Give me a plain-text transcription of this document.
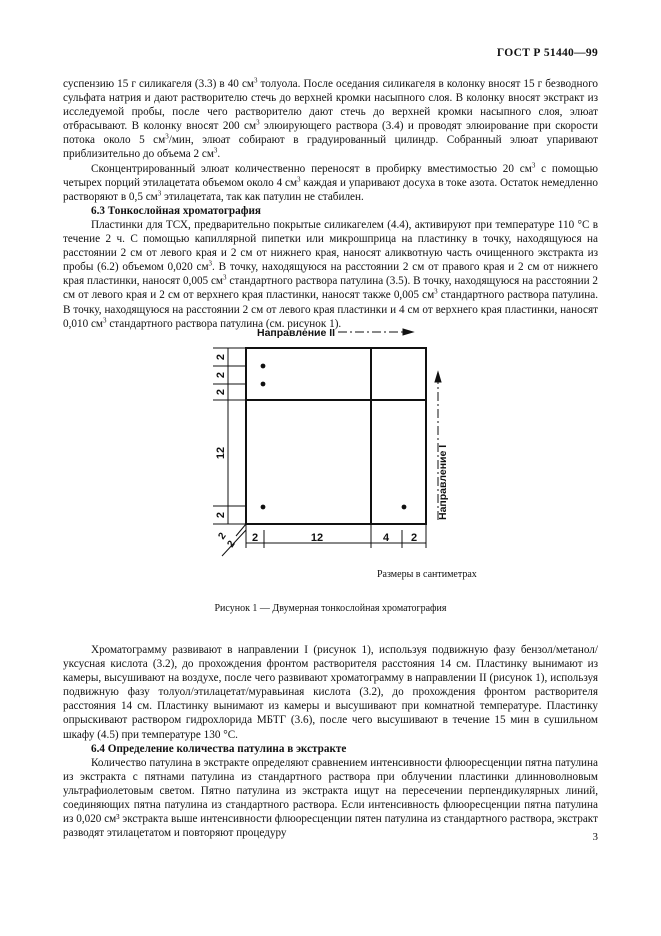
ГОСТ Р 51440—99

суспензию 15 г силикагеля (3.3) в 40 $см^3$ толуола. После оседания силикагеля в колонку вносят 15 г безводного сульфата натрия и дают растворителю стечь до верхней кромки насыпного слоя. В колонку вносят экстракт из исследуемой пробы, после чего растворителю дают стечь до верхней кромки насыпного слоя, элюат отбрасывают. В колонку вносят 200 $см^3$ элюирующего раствора (3.4) и проводят элюирование при скорости потока около 5 $см^3$/мин, элюат собирают в градуированный цилиндр. Собранный элюат упаривают приблизительно до объема 2 $см^3$.

Сконцентрированный элюат количественно переносят в пробирку вместимостью 20 $см^3$ с помощью четырех порций этилацетата объемом около 4 $см^3$ каждая и упаривают досуха в токе азота. Остаток немедленно растворяют в 0,5 $см^3$ этилацетата, так как патулин не стабилен.

6.3 Тонкослойная хроматография

Пластинки для ТСХ, предварительно покрытые силикагелем (4.4), активируют при температуре 110 °С в течение 2 ч. С помощью капиллярной пипетки или микрошприца на пластинку в точку, находящуюся на расстоянии 2 см от левого края и 2 см от нижнего края, наносят аликвотную часть очищенного экстракта из пробы (6.2) объемом 0,020 $см^3$. В точку, находящуюся на расстоянии 2 см от правого края и 2 см от нижнего края пластинки, наносят 0,005 $см^3$ стандартного раствора патулина (3.5). В точку, находящуюся на расстоянии 2 см от левого края и 2 см от верхнего края пластинки, наносят также 0,005 $см^3$ стандартного раствора патулина. В точку, находящуюся на расстоянии 2 см от левого края пластинки и 4 см от верхнего края пластинки, наносят 0,010 $см^3$ стандартного раствора патулина (см. рисунок 1).

Направление II
Направление I
2
2
2
12
2
2	12	4 2
2
2
Размеры в сантиметрах
Рисунок 1 — Двумерная тонкослойная хроматография

Хроматограмму развивают в направлении I (рисунок 1), используя подвижную фазу бензол/метанол/уксусная кислота (3.2), до прохождения фронтом растворителя расстояния 14 см. Пластинку вынимают из камеры, высушивают на воздухе, после чего развивают хроматограмму в направлении II (рисунок 1), используя подвижную фазу толуол/этилацетат/муравьиная кислота (3.2), до прохождения фронтом растворителя расстояния 14 см. Пластинку вынимают из камеры и высушивают при комнатной температуре. Пластинку опрыскивают раствором гидрохлорида МБТГ (3.6), после чего высушивают в течение 15 мин в сушильном шкафу (4.5) при температуре 130 °С.

6.4 Определение количества патулина в экстракте

Количество патулина в экстракте определяют сравнением интенсивности флюоресценции пятна патулина из экстракта с пятнами патулина из стандартного раствора при облучении пластинки длинноволновым ультрафиолетовым светом. Пятно патулина из экстракта ищут на пересечении перпендикулярных линий, соединяющих пятна патулина из стандартного раствора. Если интенсивность флюоресценции пятна патулина из 0,020 см³ экстракта выше интенсивности флюоресценции пятен патулина из стандартного раствора, экстракт разводят этилацетатом и повторяют процедуру	3
